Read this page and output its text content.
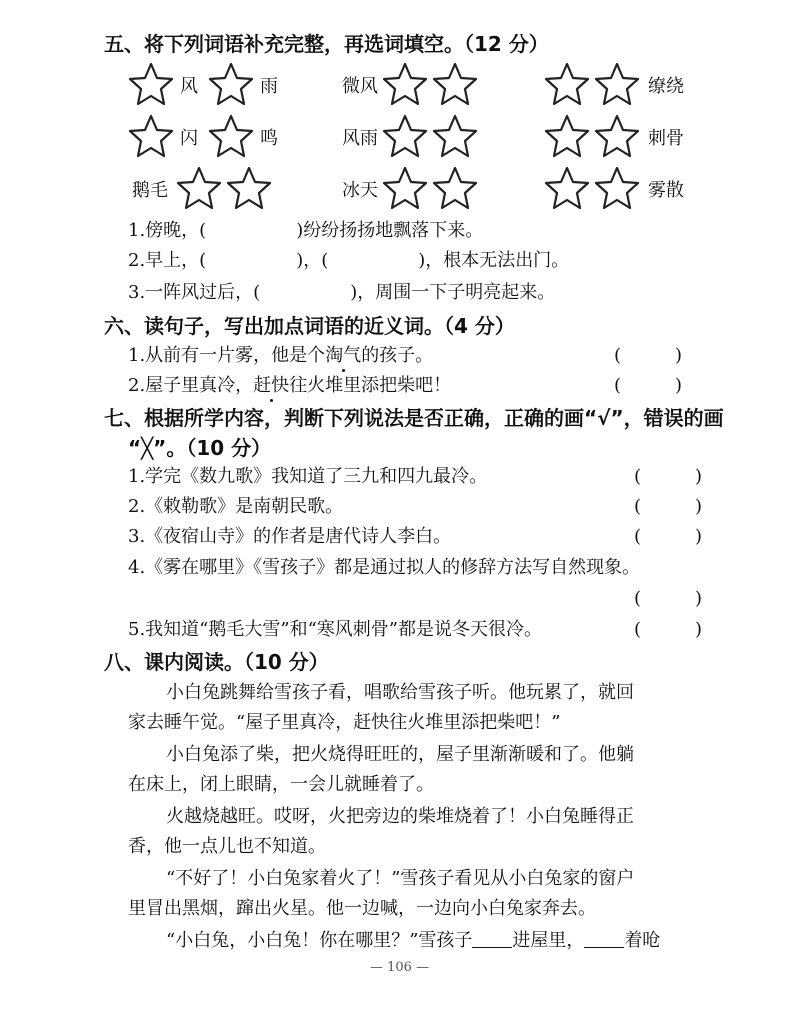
五、将下列词语补充完整，再选词填空。（12 分）
风	雨	微风	缭绕
闪	鸣	风雨	刺骨
鹅毛	冰天	雾散
1.傍晚，(　　　　　)纷纷扬扬地飘落下来。
2.早上，(　　　　　)，(　　　　　)，根本无法出门。
3.一阵风过后，(　　　　　)，周围一下子明亮起来。
六、读句子，写出加点词语的近义词。（4 分）
1.从前有一片雾，他是个淘气的孩子。	(　　　)
2.屋子里真冷，赶快往火堆里添把柴吧！	(　　　)
七、根据所学内容，判断下列说法是否正确，正确的画“√”，错误的画
“╳”。（10 分）
1.学完《数九歌》我知道了三九和四九最冷。	(　　　)
2.《敕勒歌》是南朝民歌。	(　　　)
3.《夜宿山寺》的作者是唐代诗人李白。	(　　　)
4.《雾在哪里》《雪孩子》都是通过拟人的修辞方法写自然现象。
(　　　)
5.我知道“鹅毛大雪”和“寒风刺骨”都是说冬天很冷。	(　　　)
八、课内阅读。（10 分）
小白兔跳舞给雪孩子看，唱歌给雪孩子听。他玩累了，就回
家去睡午觉。“屋子里真冷，赶快往火堆里添把柴吧！”
小白兔添了柴，把火烧得旺旺的，屋子里渐渐暖和了。他躺
在床上，闭上眼睛，一会儿就睡着了。
火越烧越旺。哎呀，火把旁边的柴堆烧着了！小白兔睡得正
香，他一点儿也不知道。
“不好了！小白兔家着火了！”雪孩子看见从小白兔家的窗户
里冒出黑烟，蹿出火星。他一边喊，一边向小白兔家奔去。
“小白兔，小白兔！你在哪里？”雪孩子 进屋里， 着呛
— 106 —
